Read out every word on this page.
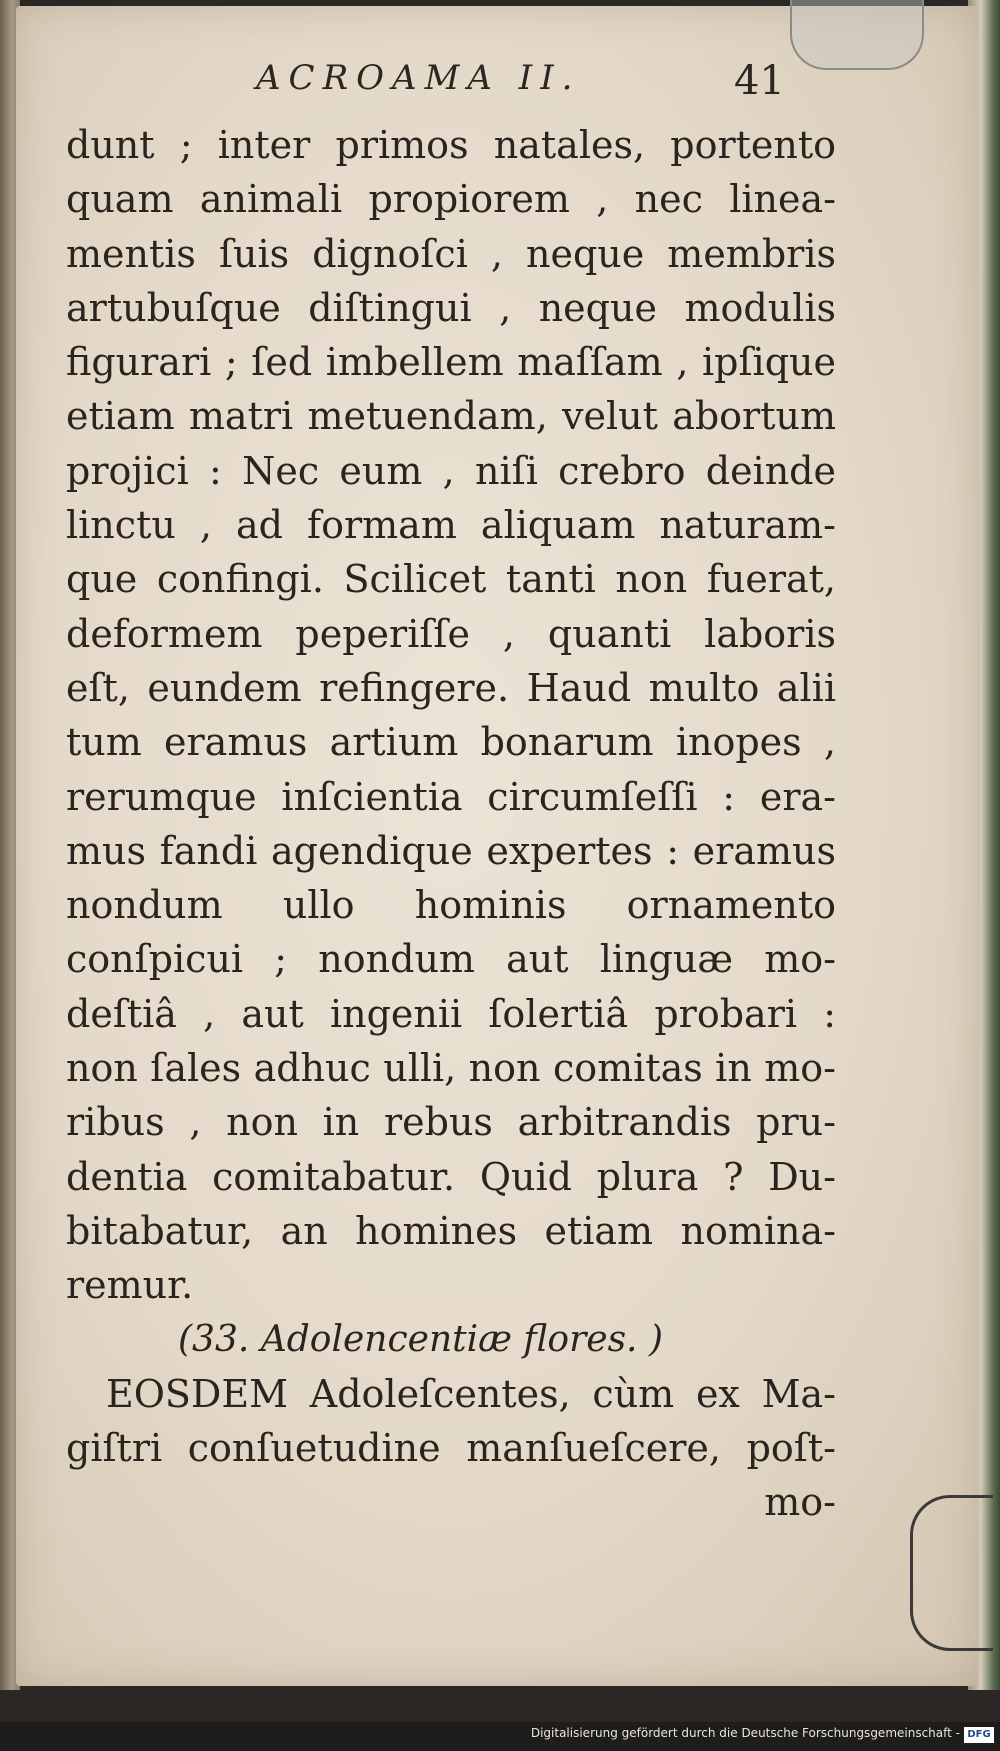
ACROAMA II.	41
dunt ; inter primos natales, portento
quam animali propiorem , nec linea-
mentis ſuis dignoſci , neque membris
artubuſque diſtingui , neque modulis
figurari ; ſed imbellem maſſam , ipſique
etiam matri metuendam, velut abortum
projici : Nec eum , niſi crebro deinde
linctu , ad formam aliquam naturam-
que confingi. Scilicet tanti non fuerat,
deformem peperiſſe , quanti laboris
eſt, eundem refingere. Haud multo alii
tum eramus artium bonarum inopes ,
rerumque inſcientia circumſeſſi : era-
mus fandi agendique expertes : eramus
nondum ullo hominis ornamento
conſpicui ; nondum aut linguæ mo-
deſtiâ , aut ingenii ſolertiâ probari :
non ſales adhuc ulli, non comitas in mo-
ribus , non in rebus arbitrandis pru-
dentia comitabatur. Quid plura ? Du-
bitabatur, an homines etiam nomina-
remur.
(33. Adolencentiæ flores. )
EOSDEM Adoleſcentes, cùm ex Ma-
giſtri conſuetudine manſueſcere, poſt-
mo-
Digitalisierung gefördert durch die Deutsche Forschungsgemeinschaft - DFG
